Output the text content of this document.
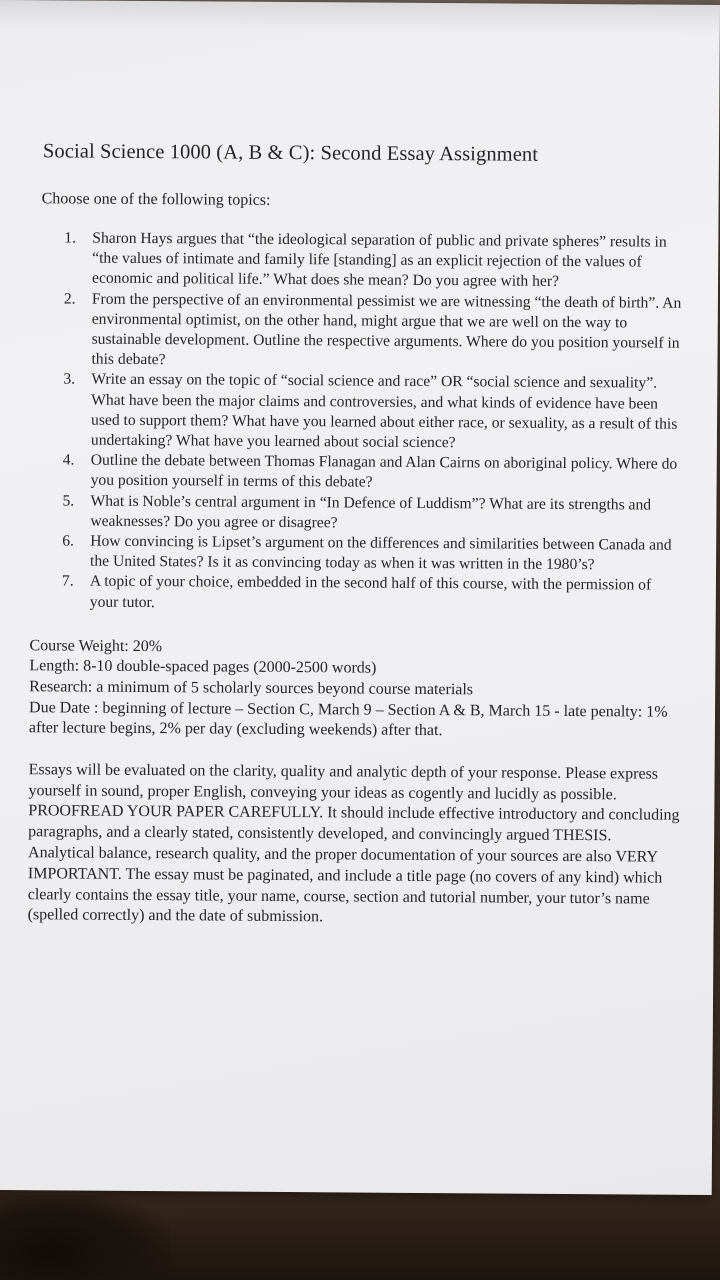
Social Science 1000 (A, B & C): Second Essay Assignment
Choose one of the following topics:
1. Sharon Hays argues that “the ideological separation of public and private spheres” results in “the values of intimate and family life [standing] as an explicit rejection of the values of economic and political life.” What does she mean? Do you agree with her?
2. From the perspective of an environmental pessimist we are witnessing “the death of birth”. An environmental optimist, on the other hand, might argue that we are well on the way to sustainable development. Outline the respective arguments. Where do you position yourself in this debate?
3. Write an essay on the topic of “social science and race” OR “social science and sexuality”. What have been the major claims and controversies, and what kinds of evidence have been used to support them? What have you learned about either race, or sexuality, as a result of this undertaking? What have you learned about social science?
4. Outline the debate between Thomas Flanagan and Alan Cairns on aboriginal policy. Where do you position yourself in terms of this debate?
5. What is Noble’s central argument in “In Defence of Luddism”? What are its strengths and weaknesses? Do you agree or disagree?
6. How convincing is Lipset’s argument on the differences and similarities between Canada and the United States? Is it as convincing today as when it was written in the 1980’s?
7. A topic of your choice, embedded in the second half of this course, with the permission of your tutor.
Course Weight: 20%
Length: 8-10 double-spaced pages (2000-2500 words)
Research: a minimum of 5 scholarly sources beyond course materials
Due Date : beginning of lecture – Section C, March 9 – Section A & B, March 15 - late penalty: 1% after lecture begins, 2% per day (excluding weekends) after that.
Essays will be evaluated on the clarity, quality and analytic depth of your response. Please express yourself in sound, proper English, conveying your ideas as cogently and lucidly as possible. PROOFREAD YOUR PAPER CAREFULLY. It should include effective introductory and concluding paragraphs, and a clearly stated, consistently developed, and convincingly argued THESIS. Analytical balance, research quality, and the proper documentation of your sources are also VERY IMPORTANT. The essay must be paginated, and include a title page (no covers of any kind) which clearly contains the essay title, your name, course, section and tutorial number, your tutor’s name (spelled correctly) and the date of submission.
